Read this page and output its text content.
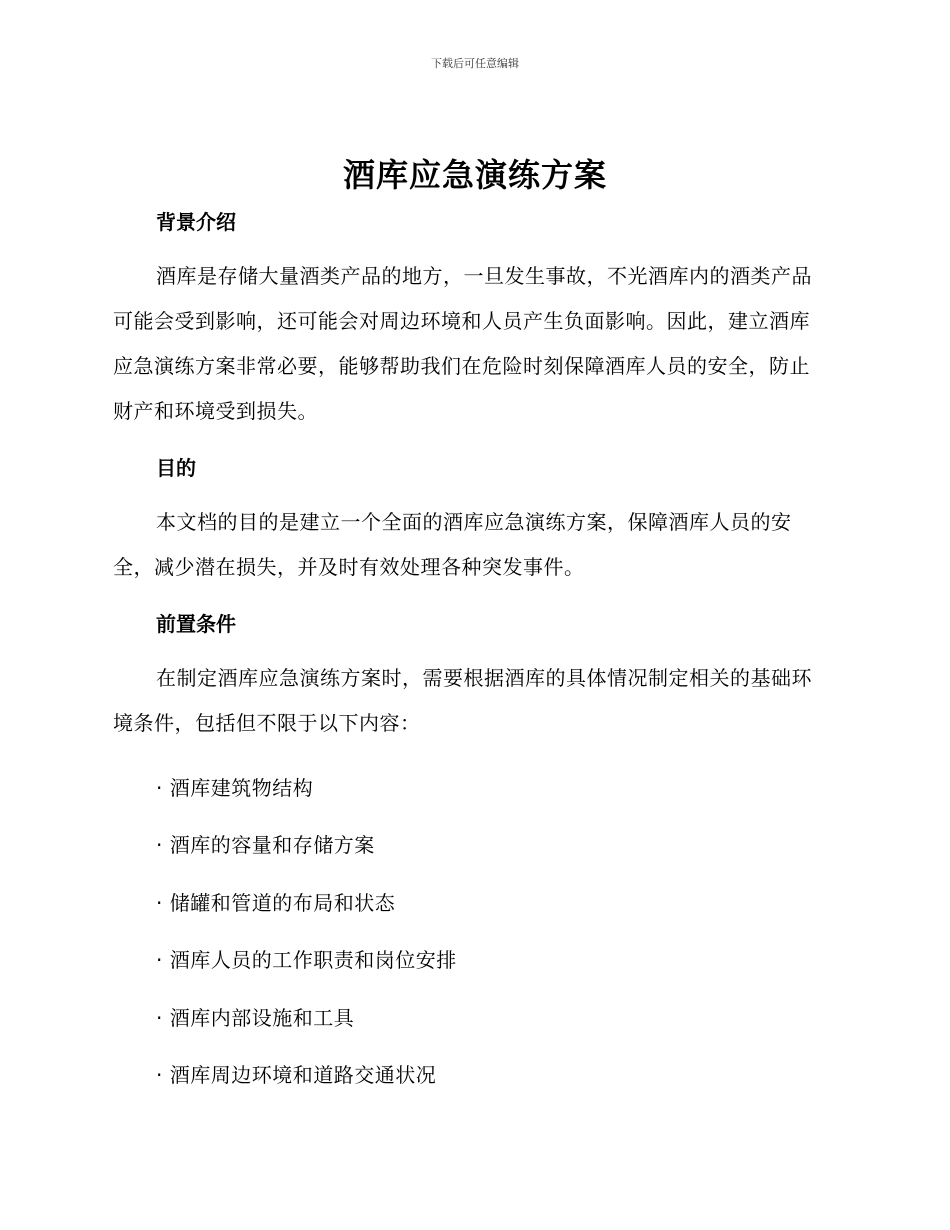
下载后可任意编辑
酒库应急演练方案
背景介绍

酒库是存储大量酒类产品的地方，一旦发生事故，不光酒库内的酒类产品可能会受到影响，还可能会对周边环境和人员产生负面影响。因此，建立酒库应急演练方案非常必要，能够帮助我们在危险时刻保障酒库人员的安全，防止财产和环境受到损失。

目的

本文档的目的是建立一个全面的酒库应急演练方案，保障酒库人员的安全，减少潜在损失，并及时有效处理各种突发事件。

前置条件

在制定酒库应急演练方案时，需要根据酒库的具体情况制定相关的基础环境条件，包括但不限于以下内容：

· 酒库建筑物结构
· 酒库的容量和存储方案
· 储罐和管道的布局和状态
· 酒库人员的工作职责和岗位安排
· 酒库内部设施和工具
· 酒库周边环境和道路交通状况
